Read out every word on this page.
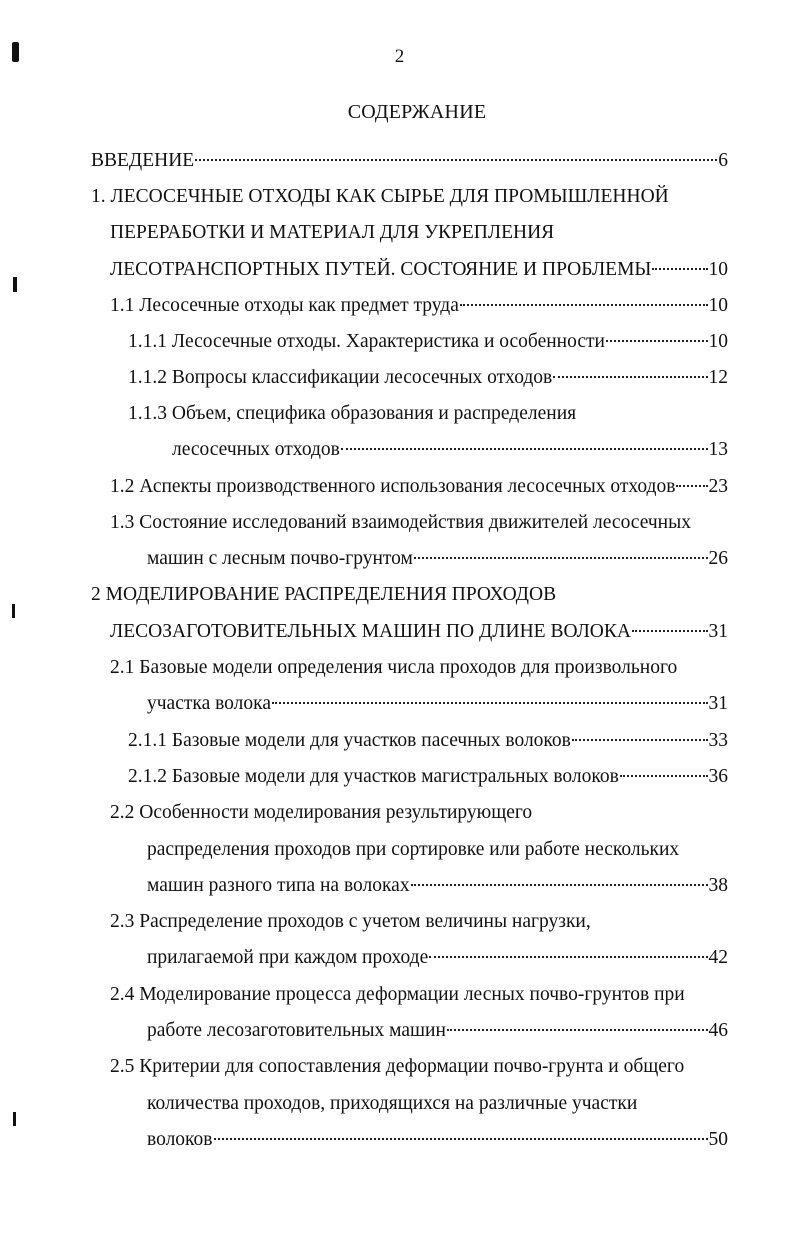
2
СОДЕРЖАНИЕ
ВВЕДЕНИЕ	6
1. ЛЕСОСЕЧНЫЕ ОТХОДЫ КАК СЫРЬЕ ДЛЯ ПРОМЫШЛЕННОЙ
ПЕРЕРАБОТКИ И МАТЕРИАЛ ДЛЯ УКРЕПЛЕНИЯ
ЛЕСОТРАНСПОРТНЫХ ПУТЕЙ. СОСТОЯНИЕ И ПРОБЛЕМЫ	10
1.1 Лесосечные отходы как предмет труда	10
1.1.1 Лесосечные отходы. Характеристика и особенности	10
1.1.2 Вопросы классификации лесосечных отходов	12
1.1.3 Объем, специфика образования и распределения
лесосечных отходов	13
1.2 Аспекты производственного использования лесосечных отходов 23
1.3 Состояние исследований взаимодействия движителей лесосечных
машин с лесным почво-грунтом	26
2 МОДЕЛИРОВАНИЕ РАСПРЕДЕЛЕНИЯ ПРОХОДОВ
ЛЕСОЗАГОТОВИТЕЛЬНЫХ МАШИН ПО ДЛИНЕ ВОЛОКА	31
2.1 Базовые модели определения числа проходов для произвольного
участка волока	31
2.1.1 Базовые модели для участков пасечных волоков	33
2.1.2 Базовые модели для участков магистральных волоков	36
2.2 Особенности моделирования результирующего
распределения проходов при сортировке или работе нескольких
машин разного типа на волоках	38
2.3 Распределение проходов с учетом величины нагрузки,
прилагаемой при каждом проходе	42
2.4 Моделирование процесса деформации лесных почво-грунтов при
работе лесозаготовительных машин	46
2.5 Критерии для сопоставления деформации почво-грунта и общего
количества проходов, приходящихся на различные участки
волоков	50
